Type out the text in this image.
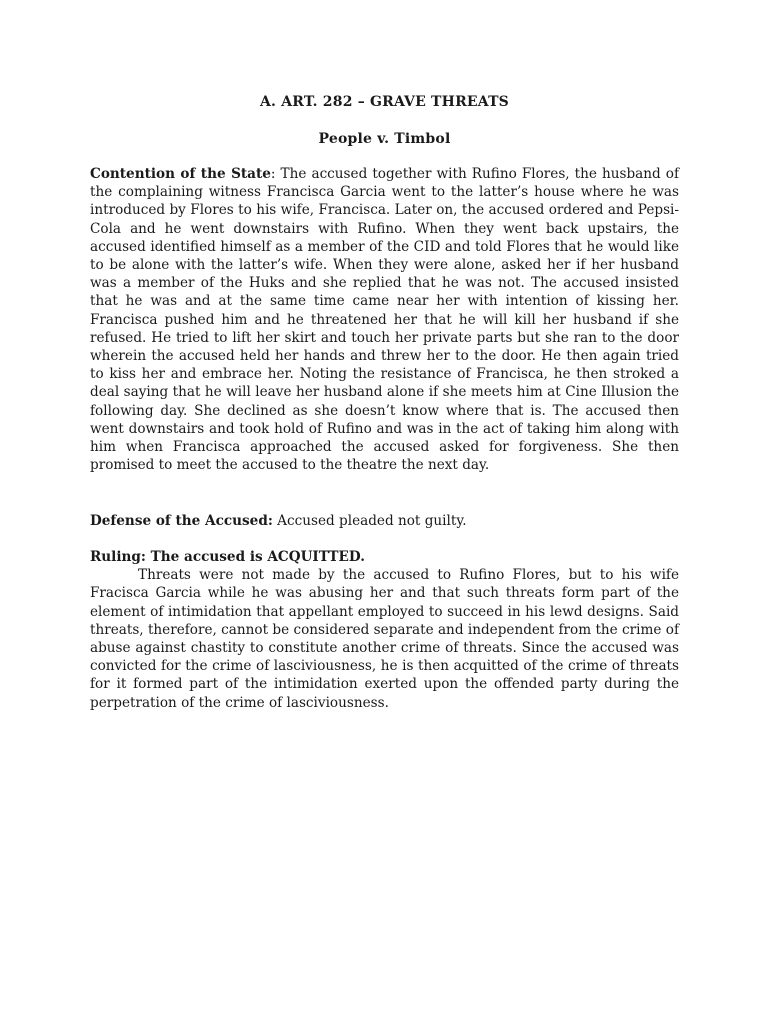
A. ART. 282 – GRAVE THREATS
People v. Timbol

Contention of the State: The accused together with Rufino Flores, the husband of the complaining witness Francisca Garcia went to the latter’s house where he was introduced by Flores to his wife, Francisca. Later on, the accused ordered and Pepsi-Cola and he went downstairs with Rufino. When they went back upstairs, the accused identified himself as a member of the CID and told Flores that he would like to be alone with the latter’s wife. When they were alone, asked her if her husband was a member of the Huks and she replied that he was not. The accused insisted that he was and at the same time came near her with intention of kissing her. Francisca pushed him and he threatened her that he will kill her husband if she refused. He tried to lift her skirt and touch her private parts but she ran to the door wherein the accused held her hands and threw her to the door. He then again tried to kiss her and embrace her. Noting the resistance of Francisca, he then stroked a deal saying that he will leave her husband alone if she meets him at Cine Illusion the following day. She declined as she doesn’t know where that is. The accused then went downstairs and took hold of Rufino and was in the act of taking him along with him when Francisca approached the accused asked for forgiveness. She then promised to meet the accused to the theatre the next day.

Defense of the Accused: Accused pleaded not guilty.

Ruling: The accused is ACQUITTED.

Threats were not made by the accused to Rufino Flores, but to his wife Fracisca Garcia while he was abusing her and that such threats form part of the element of intimidation that appellant employed to succeed in his lewd designs. Said threats, therefore, cannot be considered separate and independent from the crime of abuse against chastity to constitute another crime of threats. Since the accused was convicted for the crime of lasciviousness, he is then acquitted of the crime of threats for it formed part of the intimidation exerted upon the offended party during the perpetration of the crime of lasciviousness.
